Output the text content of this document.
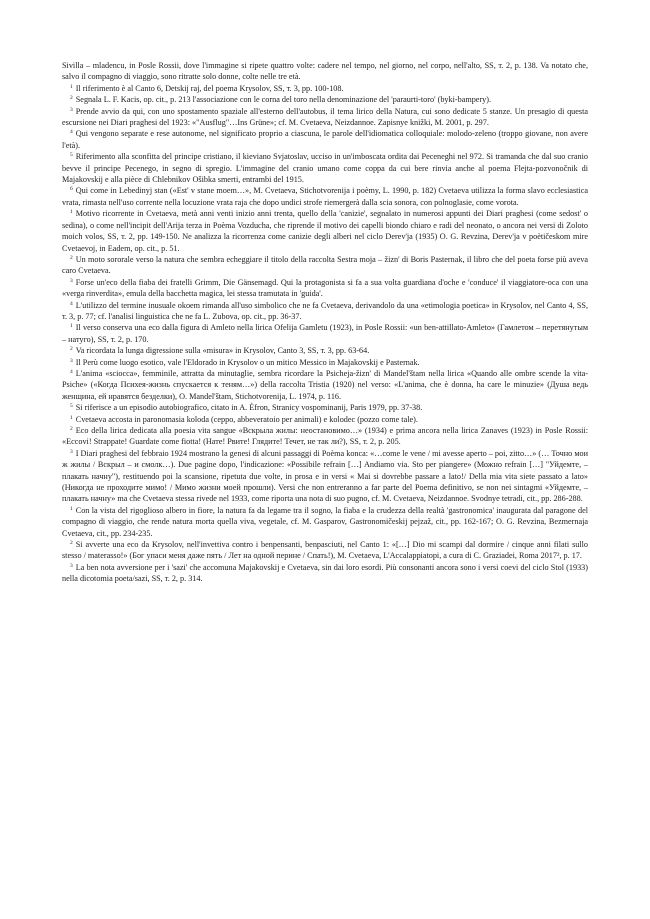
Sivilla – mladenсu, in Posle Rossii, dove l'immagine si ripete quattro volte: cadere nel tempo, nel giorno, nel corpo, nell'alto, SS, т. 2, p. 138. Va notato che, salvo il compagno di viaggio, sono ritratte solo donne, colte nelle tre età.

$^1$ Il riferimento è al Canto 6, Detskij raj, del poema Krysolov, SS, т. 3, pp. 100-108.

$^2$ Segnala L. F. Kacis, op. cit., p. 213 l'associazione con le corna del toro nella denominazione del 'paraurti-toro' (byki-bampery).

$^3$ Prende avvio da qui, con uno spostamento spaziale all'esterno dell'autobus, il tema lirico della Natura, cui sono dedicate 5 stanze. Un presagio di questa escursione nei Diari praghesi del 1923: «"Ausflug"…Ins Grüne»; cf. M. Cvetaeva, Neizdannoe. Zapisnye knižki, M. 2001, p. 297.

$^4$ Qui vengono separate e rese autonome, nel significato proprio a ciascuna, le parole dell'idiomatica colloquiale: molodo-zeleno (troppo giovane, non avere l'età).

$^5$ Riferimento alla sconfitta del principe cristiano, il kieviano Svjatoslav, ucciso in un'imboscata ordita dai Peceneghi nel 972. Si tramanda che dal suo cranio bevve il principe Pecenego, in segno di spregio. L'immagine del cranio umano come coppa da cui bere rinvia anche al poema Flejta-pozvonočnik di Majakovskij e alla pièce di Chlebnikov Ošibka smerti, entrambi del 1915.

$^6$ Qui come in Lebedinyj stan («Est' v stane moem…», M. Cvetaeva, Stichotvorenija i poèmy, L. 1990, p. 182) Cvetaeva utilizza la forma slavo ecclesiastica vrata, rimasta nell'uso corrente nella locuzione vrata raja che dopo undici strofe riemergerà dalla scia sonora, con polnoglasie, come vorota.

$^1$ Motivo ricorrente in Cvetaeva, metà anni venti inizio anni trenta, quello della 'canizie', segnalato in numerosi appunti dei Diari praghesi (come sedost' o sedina), o come nell'incipit dell'Arija terza in Poèma Vozducha, che riprende il motivo dei capelli biondo chiaro e radi del neonato, o ancora nei versi di Zoloto moich volos, SS, т. 2, pp. 149-150. Ne analizza la ricorrenza come canizie degli alberi nel ciclo Derev'ja (1935) O. G. Revzina, Derev'ja v poètičeskom mire Cvetaevoj, in Eadem, op. cit., p. 51.

$^2$ Un moto sororale verso la natura che sembra echeggiare il titolo della raccolta Sestra moja – žizn' di Boris Pasternak, il libro che del poeta forse più aveva caro Cvetaeva.

$^3$ Forse un'eco della fiaba dei fratelli Grimm, Die Gänsemagd. Qui la protagonista si fa a sua volta guardiana d'oche e 'conduce' il viaggiatore-oca con una «verga rinverdita», emula della bacchetta magica, lei stessa tramutata in 'guida'.

$^4$ L'utilizzo del termine inusuale okoem rimanda all'uso simbolico che ne fa Cvetaeva, derivandolo da una «etimologia poetica» in Krysolov, nel Canto 4, SS, т. 3, p. 77; cf. l'analisi linguistica che ne fa L. Zubova, op. cit., pp. 36-37.

$^1$ Il verso conserva una eco dalla figura di Amleto nella lirica Ofelija Gamletu (1923), in Posle Rossii: «un ben-attillato-Amleto» (Гамлетом – перетянутым – натуго), SS, т. 2, p. 170.

$^2$ Va ricordata la lunga digressione sulla «misura» in Krysolov, Canto 3, SS, т. 3, pp. 63-64.

$^3$ Il Perù come luogo esotico, vale l'Eldorado in Krysolov o un mitico Messico in Majakovskij e Pasternak.

$^4$ L'anima «sciocca», femminile, attratta da minutaglie, sembra ricordare la Psicheja-žizn' di Mandel'štam nella lirica «Quando alle ombre scende la vita-Psiche» («Когда Психея-жизнь спускается к теням…») della raccolta Tristia (1920) nel verso: «L'anima, che è donna, ha care le minuzie» (Душа ведь женщина, ей нравятся безделки), O. Mandel'štam, Stichotvorenija, L. 1974, p. 116.

$^5$ Si riferisce a un episodio autobiografico, citato in A. Èfron, Stranicy vospominanij, Paris 1979, pp. 37-38.

$^1$ Cvetaeva accosta in paronomasia koloda (ceppo, abbeveratoio per animali) e kolodec (pozzo come tale).

$^2$ Eco della lirica dedicata alla poesia vita sangue «Вскрыла жилы: неостановимо…» (1934) e prima ancora nella lirica Zanaves (1923) in Posle Rossii: «Eccovi! Strappate! Guardate come fiotta! (Нате! Рвите! Глядите! Течет, не так ли?), SS, т. 2, p. 205.

$^3$ I Diari praghesi del febbraio 1924 mostrano la genesi di alcuni passaggi di Poèma konca: «…come le vene / mi avesse aperto – poi, zitto…» (… Точно мои ж жилы / Вскрыл – и смолк…). Due pagine dopo, l'indicazione: «Possibile refrain […] Andiamo via. Sto per piangere» (Можно refrain […] "Уйдемте, – плакать начну"), restituendo poi la scansione, ripetuta due volte, in prosa e in versi « Mai si dovrebbe passare a lato!/ Della mia vita siete passato a lato» (Никогда не проходите мимо! / Мимо жизни моей прошли). Versi che non entreranno a far parte del Poema definitivo, se non nei sintagmi «Уйдемте, – плакать начну» ma che Cvetaeva stessa rivede nel 1933, come riporta una nota di suo pugno, cf. M. Cvetaeva, Neizdannoe. Svodnye tetradi, cit., pp. 286-288.

$^1$ Con la vista del rigoglioso albero in fiore, la natura fa da legame tra il sogno, la fiaba e la crudezza della realtà 'gastronomica' inaugurata dal paragone del compagno di viaggio, che rende natura morta quella viva, vegetale, cf. M. Gasparov, Gastronomičeskij pejzaž, cit., pp. 162-167; O. G. Revzina, Bezmernaja Cvetaeva, cit., pp. 234-235.

$^2$ Si avverte una eco da Krysolov, nell'invettiva contro i benpensanti, benpasciuti, nel Canto 1: «[…] Dio mi scampi dal dormire / cinque anni filati sullo stesso / materasso!» (Бог упаси меня даже пять / Лет на одной перине / Спать!), M. Cvetaeva, L'Accalappiatopi, a cura di C. Graziadei, Roma 2017², p. 17.

$^3$ La ben nota avversione per i 'sazi' che accomuna Majakovskij e Cvetaeva, sin dai loro esordi. Più consonanti ancora sono i versi coevi del ciclo Stol (1933) nella dicotomia poeta/sazi, SS, т. 2, p. 314.
